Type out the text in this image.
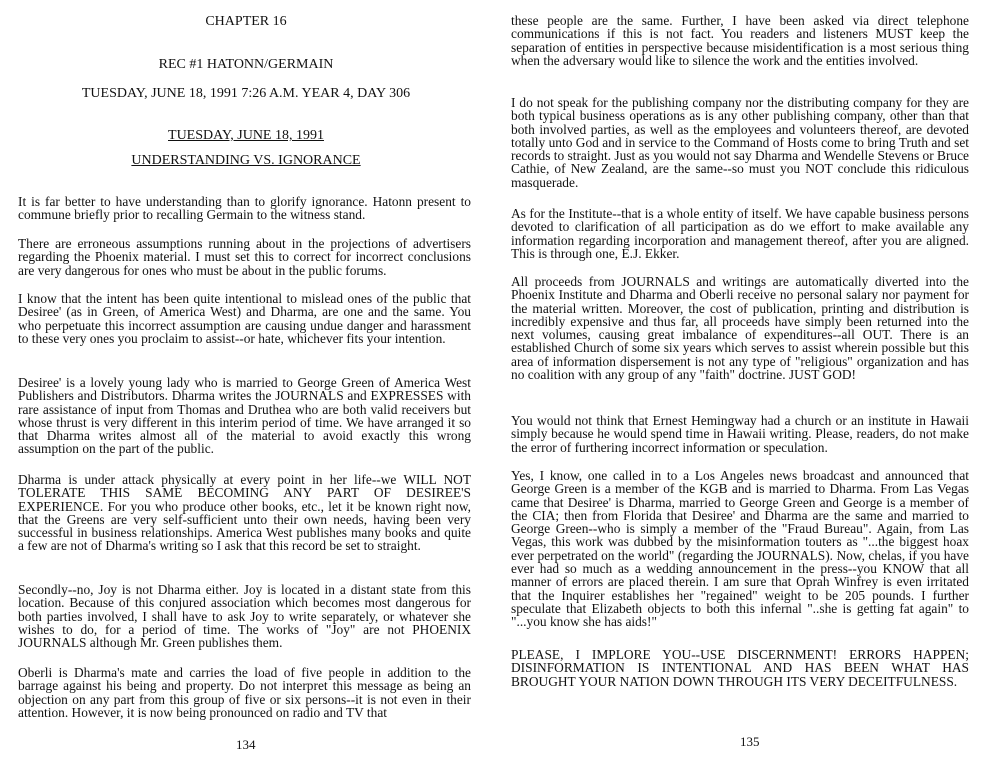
CHAPTER 16
REC #1 HATONN/GERMAIN
TUESDAY, JUNE 18, 1991 7:26 A.M. YEAR 4, DAY 306
TUESDAY, JUNE 18, 1991
UNDERSTANDING VS. IGNORANCE

It is far better to have understanding than to glorify ignorance. Hatonn present to commune briefly prior to recalling Germain to the witness stand.

There are erroneous assumptions running about in the projections of advertisers regarding the Phoenix material. I must set this to correct for incorrect conclusions are very dangerous for ones who must be about in the public forums.

I know that the intent has been quite intentional to mislead ones of the public that Desiree' (as in Green, of America West) and Dharma, are one and the same. You who perpetuate this incorrect assumption are causing undue danger and harassment to these very ones you proclaim to assist--or hate, whichever fits your intention.

Desiree' is a lovely young lady who is married to George Green of America West Publishers and Distributors. Dharma writes the JOURNALS and EXPRESSES with rare assistance of input from Thomas and Druthea who are both valid receivers but whose thrust is very different in this interim period of time. We have arranged it so that Dharma writes almost all of the material to avoid exactly this wrong assumption on the part of the public.

Dharma is under attack physically at every point in her life--we WILL NOT TOLERATE THIS SAME BECOMING ANY PART OF DESIREE'S EXPERIENCE. For you who produce other books, etc., let it be known right now, that the Greens are very self-sufficient unto their own needs, having been very successful in business relationships. America West publishes many books and quite a few are not of Dharma's writing so I ask that this record be set to straight.

Secondly--no, Joy is not Dharma either. Joy is located in a distant state from this location. Because of this conjured association which becomes most dangerous for both parties involved, I shall have to ask Joy to write separately, or whatever she wishes to do, for a period of time. The works of "Joy" are not PHOENIX JOURNALS although Mr. Green publishes them.

Oberli is Dharma's mate and carries the load of five people in addition to the barrage against his being and property. Do not interpret this message as being an objection on any part from this group of five or six persons--it is not even in their attention. However, it is now being pronounced on radio and TV that

134

these people are the same. Further, I have been asked via direct telephone communications if this is not fact. You readers and listeners MUST keep the separation of entities in perspective because misidentification is a most serious thing when the adversary would like to silence the work and the entities involved.

I do not speak for the publishing company nor the distributing company for they are both typical business operations as is any other publishing company, other than that both involved parties, as well as the employees and volunteers thereof, are devoted totally unto God and in service to the Command of Hosts come to bring Truth and set records to straight. Just as you would not say Dharma and Wendelle Stevens or Bruce Cathie, of New Zealand, are the same--so must you NOT conclude this ridiculous masquerade.

As for the Institute--that is a whole entity of itself. We have capable business persons devoted to clarification of all participation as do we effort to make available any information regarding incorporation and management thereof, after you are aligned. This is through one, E.J. Ekker.

All proceeds from JOURNALS and writings are automatically diverted into the Phoenix Institute and Dharma and Oberli receive no personal salary nor payment for the material written. Moreover, the cost of publication, printing and distribution is incredibly expensive and thus far, all proceeds have simply been returned into the next volumes, causing great imbalance of expenditures--all OUT. There is an established Church of some six years which serves to assist wherein possible but this area of information dispersement is not any type of "religious" organization and has no coalition with any group of any "faith" doctrine. JUST GOD!

You would not think that Ernest Hemingway had a church or an institute in Hawaii simply because he would spend time in Hawaii writing. Please, readers, do not make the error of furthering incorrect information or speculation.

Yes, I know, one called in to a Los Angeles news broadcast and announced that George Green is a member of the KGB and is married to Dharma. From Las Vegas came that Desiree' is Dharma, married to George Green and George is a member of the CIA; then from Florida that Desiree' and Dharma are the same and married to George Green--who is simply a member of the "Fraud Bureau". Again, from Las Vegas, this work was dubbed by the misinformation touters as "...the biggest hoax ever perpetrated on the world" (regarding the JOURNALS). Now, chelas, if you have ever had so much as a wedding announcement in the press--you KNOW that all manner of errors are placed therein. I am sure that Oprah Winfrey is even irritated that the Inquirer establishes her "regained" weight to be 205 pounds. I further speculate that Elizabeth objects to both this infernal "..she is getting fat again" to "...you know she has aids!"

PLEASE, I IMPLORE YOU--USE DISCERNMENT! ERRORS HAPPEN; DISINFORMATION IS INTENTIONAL AND HAS BEEN WHAT HAS BROUGHT YOUR NATION DOWN THROUGH ITS VERY DECEITFULNESS.

135
